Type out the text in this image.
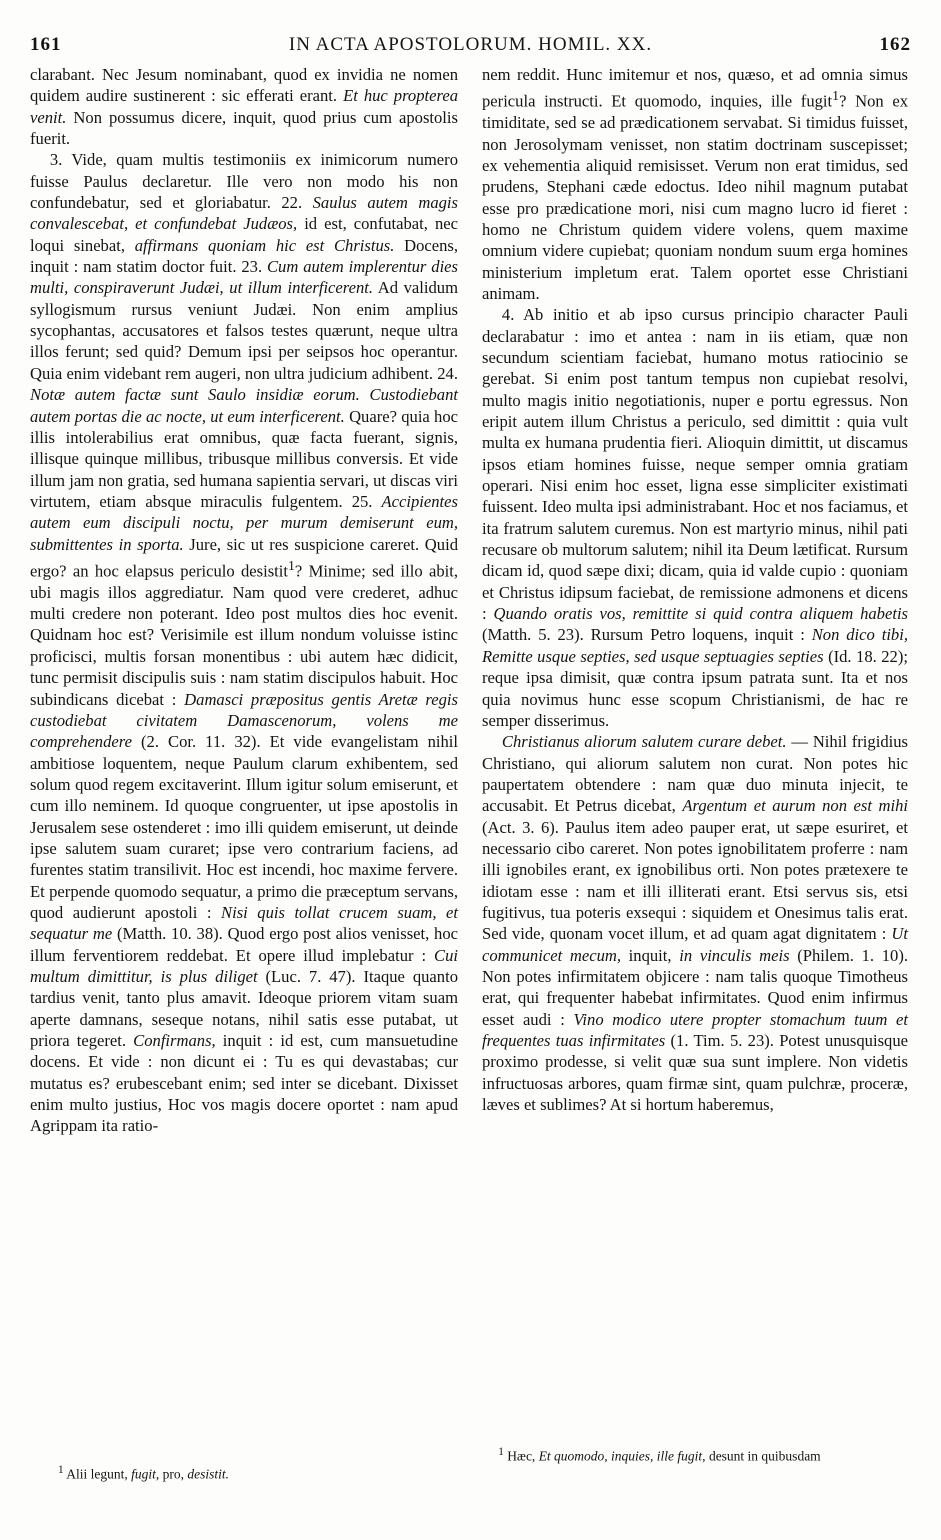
161	IN ACTA APOSTOLORUM. HOMIL. XX.	162

clarabant. Nec Jesum nominabant, quod ex invidia ne nomen quidem audire sustinerent : sic efferati erant. Et huc propterea venit. Non possumus dicere, inquit, quod prius cum apostolis fuerit.

3. Vide, quam multis testimoniis ex inimicorum numero fuisse Paulus declaretur. Ille vero non modo his non confundebatur, sed et gloriabatur. 22. Saulus autem magis convalescebat, et confundebat Judæos, id est, confutabat, nec loqui sinebat, affirmans quoniam hic est Christus. Docens, inquit : nam statim doctor fuit. 23. Cum autem implerentur dies multi, conspiraverunt Judæi, ut illum interficerent. Ad validum syllogismum rursus veniunt Judæi. Non enim amplius sycophantas, accusatores et falsos testes quærunt, neque ultra illos ferunt; sed quid? Demum ipsi per seipsos hoc operantur. Quia enim videbant rem augeri, non ultra judicium adhibent. 24. Notæ autem factæ sunt Saulo insidiæ eorum. Custodiebant autem portas die ac nocte, ut eum interficerent. Quare? quia hoc illis intolerabilius erat omnibus, quæ facta fuerant, signis, illisque quinque millibus, tribusque millibus conversis. Et vide illum jam non gratia, sed humana sapientia servari, ut discas viri virtutem, etiam absque miraculis fulgentem. 25. Accipientes autem eum discipuli noctu, per murum demiserunt eum, submittentes in sporta. Jure, sic ut res suspicione careret. Quid ergo? an hoc elapsus periculo desistit$^1$? Minime; sed illo abit, ubi magis illos aggrediatur. Nam quod vere crederet, adhuc multi credere non poterant. Ideo post multos dies hoc evenit. Quidnam hoc est? Verisimile est illum nondum voluisse istinc proficisci, multis forsan monentibus : ubi autem hæc didicit, tunc permisit discipulis suis : nam statim discipulos habuit. Hoc subindicans dicebat : Damasci præpositus gentis Aretæ regis custodiebat civitatem Damascenorum, volens me comprehendere (2. Cor. 11. 32). Et vide evangelistam nihil ambitiose loquentem, neque Paulum clarum exhibentem, sed solum quod regem excitaverint. Illum igitur solum emiserunt, et cum illo neminem. Id quoque congruenter, ut ipse apostolis in Jerusalem sese ostenderet : imo illi quidem emiserunt, ut deinde ipse salutem suam curaret; ipse vero contrarium faciens, ad furentes statim transilivit. Hoc est incendi, hoc maxime fervere. Et perpende quomodo sequatur, a primo die præceptum servans, quod audierunt apostoli : Nisi quis tollat crucem suam, et sequatur me (Matth. 10. 38). Quod ergo post alios venisset, hoc illum ferventiorem reddebat. Et opere illud implebatur : Cui multum dimittitur, is plus diliget (Luc. 7. 47). Itaque quanto tardius venit, tanto plus amavit. Ideoque priorem vitam suam aperte damnans, seseque notans, nihil satis esse putabat, ut priora tegeret. Confirmans, inquit : id est, cum mansuetudine docens. Et vide : non dicunt ei : Tu es qui devastabas; cur mutatus es? erubescebant enim; sed inter se dicebant. Dixisset enim multo justius, Hoc vos magis docere oportet : nam apud Agrippam ita ratio-

nem reddit. Hunc imitemur et nos, quæso, et ad omnia simus pericula instructi. Et quomodo, inquies, ille fugit$^1$? Non ex timiditate, sed se ad prædicationem servabat. Si timidus fuisset, non Jerosolymam venisset, non statim doctrinam suscepisset; ex vehementia aliquid remisisset. Verum non erat timidus, sed prudens, Stephani cæde edoctus. Ideo nihil magnum putabat esse pro prædicatione mori, nisi cum magno lucro id fieret : homo ne Christum quidem videre volens, quem maxime omnium videre cupiebat; quoniam nondum suum erga homines ministerium impletum erat. Talem oportet esse Christiani animam.

4. Ab initio et ab ipso cursus principio character Pauli declarabatur : imo et antea : nam in iis etiam, quæ non secundum scientiam faciebat, humano motus ratiocinio se gerebat. Si enim post tantum tempus non cupiebat resolvi, multo magis initio negotiationis, nuper e portu egressus. Non eripit autem illum Christus a periculo, sed dimittit : quia vult multa ex humana prudentia fieri. Alioquin dimittit, ut discamus ipsos etiam homines fuisse, neque semper omnia gratiam operari. Nisi enim hoc esset, ligna esse simpliciter existimati fuissent. Ideo multa ipsi administrabant. Hoc et nos faciamus, et ita fratrum salutem curemus. Non est martyrio minus, nihil pati recusare ob multorum salutem; nihil ita Deum lætificat. Rursum dicam id, quod sæpe dixi; dicam, quia id valde cupio : quoniam et Christus idipsum faciebat, de remissione admonens et dicens : Quando oratis vos, remittite si quid contra aliquem habetis (Matth. 5. 23). Rursum Petro loquens, inquit : Non dico tibi, Remitte usque septies, sed usque septuagies septies (Id. 18. 22); reque ipsa dimisit, quæ contra ipsum patrata sunt. Ita et nos quia novimus hunc esse scopum Christianismi, de hac re semper disserimus.

Christianus aliorum salutem curare debet. — Nihil frigidius Christiano, qui aliorum salutem non curat. Non potes hic paupertatem obtendere : nam quæ duo minuta injecit, te accusabit. Et Petrus dicebat, Argentum et aurum non est mihi (Act. 3. 6). Paulus item adeo pauper erat, ut sæpe esuriret, et necessario cibo careret. Non potes ignobilitatem proferre : nam illi ignobiles erant, ex ignobilibus orti. Non potes prætexere te idiotam esse : nam et illi illiterati erant. Etsi servus sis, etsi fugitivus, tua poteris exsequi : siquidem et Onesimus talis erat. Sed vide, quonam vocet illum, et ad quam agat dignitatem : Ut communicet mecum, inquit, in vinculis meis (Philem. 1. 10). Non potes infirmitatem objicere : nam talis quoque Timotheus erat, qui frequenter habebat infirmitates. Quod enim infirmus esset audi : Vino modico utere propter stomachum tuum et frequentes tuas infirmitates (1. Tim. 5. 23). Potest unusquisque proximo prodesse, si velit quæ sua sunt implere. Non videtis infructuosas arbores, quam firmæ sint, quam pulchræ, proceræ, læves et sublimes? At si hortum haberemus,

$^1$ Alii legunt, fugit, pro, desistit.
$^1$ Hæc, Et quomodo, inquies, ille fugit, desunt in quibusdam
